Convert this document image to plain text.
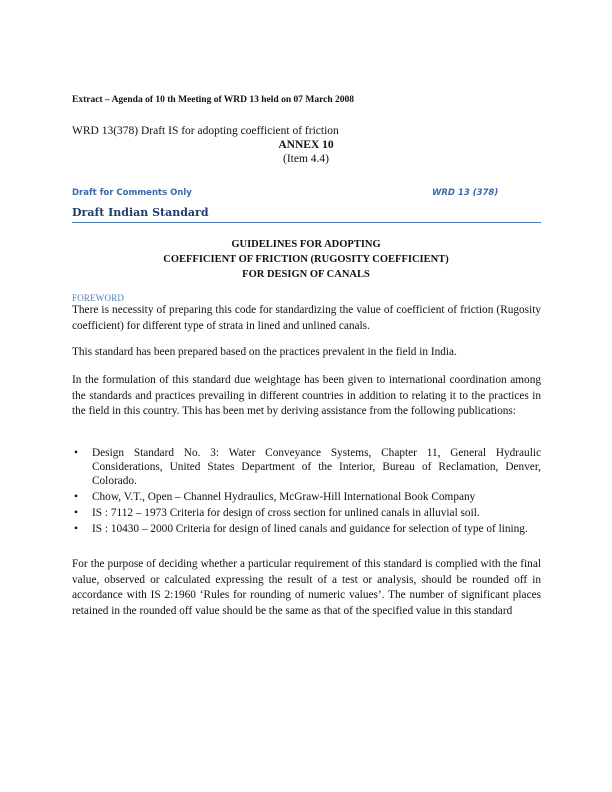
Extract – Agenda of 10 th Meeting of WRD 13 held on 07 March 2008
WRD 13(378) Draft IS for adopting coefficient of friction
ANNEX 10
(Item 4.4)
Draft for Comments Only	WRD 13 (378)
Draft Indian Standard
GUIDELINES FOR ADOPTING
COEFFICIENT OF FRICTION (RUGOSITY COEFFICIENT)
FOR DESIGN OF CANALS
FOREWORD
There is necessity of preparing this code for standardizing the value of coefficient of friction (Rugosity coefficient) for different type of strata in lined and unlined canals.
This standard has been prepared based on the practices prevalent in the field in India.
In the formulation of this standard due weightage has been given to international coordination among the standards and practices prevailing in different countries in addition to relating it to the practices in the field in this country. This has been met by deriving assistance from the following publications:
• Design Standard No. 3: Water Conveyance Systems, Chapter 11, General Hydraulic Considerations, United States Department of the Interior, Bureau of Reclamation, Denver, Colorado.
• Chow, V.T., Open – Channel Hydraulics, McGraw-Hill International Book Company
• IS : 7112 – 1973 Criteria for design of cross section for unlined canals in alluvial soil.
• IS : 10430 – 2000 Criteria for design of lined canals and guidance for selection of type of lining.
For the purpose of deciding whether a particular requirement of this standard is complied with the final value, observed or calculated expressing the result of a test or analysis, should be rounded off in accordance with IS 2:1960 ‘Rules for rounding of numeric values’. The number of significant places retained in the rounded off value should be the same as that of the specified value in this standard
